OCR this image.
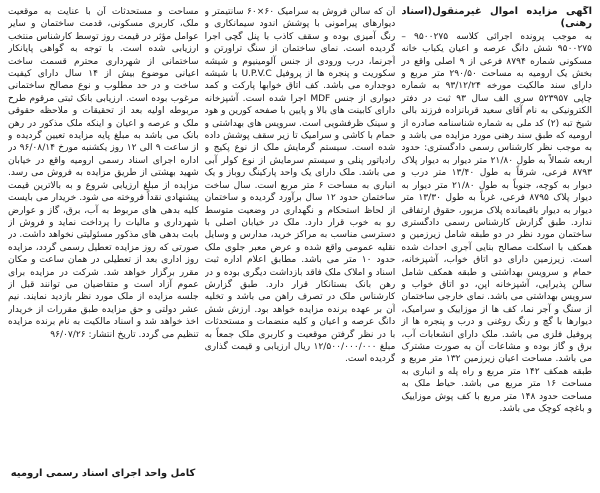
آگهی مزایده اموال غیرمنقول(اسناد رهنی)

به موجب پرونده اجرائی کلاسه ۹۵۰۰۲۷۵ – ۹۵۰۰۲۷۵ شش دانگ عرصه و اعیان یکباب خانه مسکونی شماره ۸۷۹۴ فرعی از ۹ اصلی واقع در بخش یک ارومیه به مساحت ۲۹۰/۵۰ متر مربع و دارای سند مالکیت مورخه ۹۳/۱۲/۲۴ به شماره چاپی ۵۲۳۹۵۷ سری الف سال ۹۳ ثبت در دفتر الکترونیکی به نام آقای سعید قربانزاده فرزند بالی شیخ تبه (۲) کد ملی به شماره شناسنامه صادره از ارومیه که طبق سند رهنی مورد مزایده می باشد و به موجب نظر کارشناس رسمی دادگستری: حدود اربعه شمالاً به طول ۲۱/۸۰ متر دیوار به دیوار پلاک ۸۷۹۳ فرعی، شرقاً به طول ۱۳/۴۰ متر درب و دیوار به کوچه، جنوباً به طول ۲۱/۸۰ متر دیوار به دیوار پلاک ۸۷۹۵ فرعی، غرباً به طول ۱۳/۳۰ متر دیوار به دیوار باقیمانده پلاک مزبور، حقوق ارتفاقی ندارد. طبق گزارش کارشناس رسمی دادگستری ساختمان مورد نظر در دو طبقه شامل زیرزمین و همکف با اسکلت مصالح بنایی آجری احداث شده است. زیرزمین دارای دو اتاق خواب، آشپزخانه، حمام و سرویس بهداشتی و طبقه همکف شامل سالن پذیرایی، آشپزخانه اپن، دو اتاق خواب و سرویس بهداشتی می باشد. نمای خارجی ساختمان از سنگ و آجر نما، کف ها از موزاییک و سرامیک، دیوارها با گچ و رنگ روغنی و درب و پنجره ها از پروفیل فلزی می باشد. ملک دارای انشعابات آب، برق و گاز بوده و مشاعات آن به صورت مشترک می باشد. مساحت اعیان زیرزمین ۱۳۲ متر مربع و طبقه همکف ۱۴۲ متر مربع و راه پله و انباری به مساحت ۱۶ متر مربع می باشد. حیاط ملک به مساحت حدود ۱۴۸ متر مربع با کف پوش موزاییک و باغچه کوچک می باشد.

آن که سالن فروش به سرامیک ۶۰×۶۰ سانتیمتر و دیوارهای پیرامونی با پوشش اندود سیمانکاری و رنگ آمیزی بوده و سقف کاذب با پنل گچی اجرا گردیده است. نمای ساختمان از سنگ تراورتن و آجرنما، درب ورودی از جنس آلومینیوم و شیشه سکوریت و پنجره ها از پروفیل U.P.V.C با شیشه دوجداره می باشد. کف اتاق خوابها پارکت و کمد دیواری از جنس MDF اجرا شده است. آشپزخانه دارای کابینت های بالا و پایین با صفحه کورین و هود و سینک ظرفشویی است. سرویس های بهداشتی و حمام با کاشی و سرامیک تا زیر سقف پوشش داده شده است. سیستم گرمایش ملک از نوع پکیج و رادیاتور پنلی و سیستم سرمایش از نوع کولر آبی می باشد. ملک دارای یک واحد پارکینگ روباز و یک انباری به مساحت ۶ متر مربع است. سال ساخت ساختمان حدود ۱۲ سال برآورد گردیده و ساختمان از لحاظ استحکام و نگهداری در وضعیت متوسط رو به خوب قرار دارد. ملک در خیابان اصلی با دسترسی مناسب به مراکز خرید، مدارس و وسایل نقلیه عمومی واقع شده و عرض معبر جلوی ملک حدود ۱۰ متر می باشد. مطابق اعلام اداره ثبت اسناد و املاک ملک فاقد بازداشت دیگری بوده و در رهن بانک بستانکار قرار دارد. طبق گزارش کارشناس ملک در تصرف راهن می باشد و تخلیه آن بر عهده برنده مزایده خواهد بود. ارزش شش دانگ عرصه و اعیان و کلیه منضمات و مستحدثات با در نظر گرفتن موقعیت و کاربری ملک جمعاً به مبلغ ۱۲/۵۰۰/۰۰۰/۰۰۰ ریال ارزیابی و قیمت گذاری گردیده است.

مساحت و مستحدثات آن با عنایت به موقعیت ملک، کاربری مسکونی، قدمت ساختمان و سایر عوامل مؤثر در قیمت روز توسط کارشناس منتخب ارزیابی شده است. با توجه به گواهی پایانکار ساختمانی از شهرداری محترم قسمت ساخت اعیانی موضوع بیش از ۱۴ سال دارای کیفیت ساخت و در حد مطلوب و نوع مصالح ساختمانی مرغوب بوده است. ارزیابی بانک ثبتی مرقوم طرح مربوطه اولیه بعد از تحقیقات و ملاحظه حقوقی ملک و عرصه و اعیان و اینکه ملک مذکور در رهن بانک می باشد به مبلغ پایه مزایده تعیین گردیده و از ساعت ۹ الی ۱۲ روز یکشنبه مورخ ۹۶/۰۸/۱۴ در اداره اجرای اسناد رسمی ارومیه واقع در خیابان شهید بهشتی از طریق مزایده به فروش می رسد. مزایده از مبلغ ارزیابی شروع و به بالاترین قیمت پیشنهادی نقداً فروخته می شود. خریدار می بایست کلیه بدهی های مربوط به آب، برق، گاز و عوارض شهرداری و مالیات را پرداخت نماید و فروش از بابت بدهی های مذکور مسئولیتی نخواهد داشت. در صورتی که روز مزایده تعطیل رسمی گردد، مزایده روز اداری بعد از تعطیلی در همان ساعت و مکان مقرر برگزار خواهد شد. شرکت در مزایده برای عموم آزاد است و متقاضیان می توانند قبل از جلسه مزایده از ملک مورد نظر بازدید نمایند. نیم عشر دولتی و حق مزایده طبق مقررات از خریدار اخذ خواهد شد و اسناد مالکیت به نام برنده مزایده تنظیم می گردد. تاریخ انتشار: ۹۶/۰۷/۲۶

کامل واحد اجرای اسناد رسمی ارومیه
